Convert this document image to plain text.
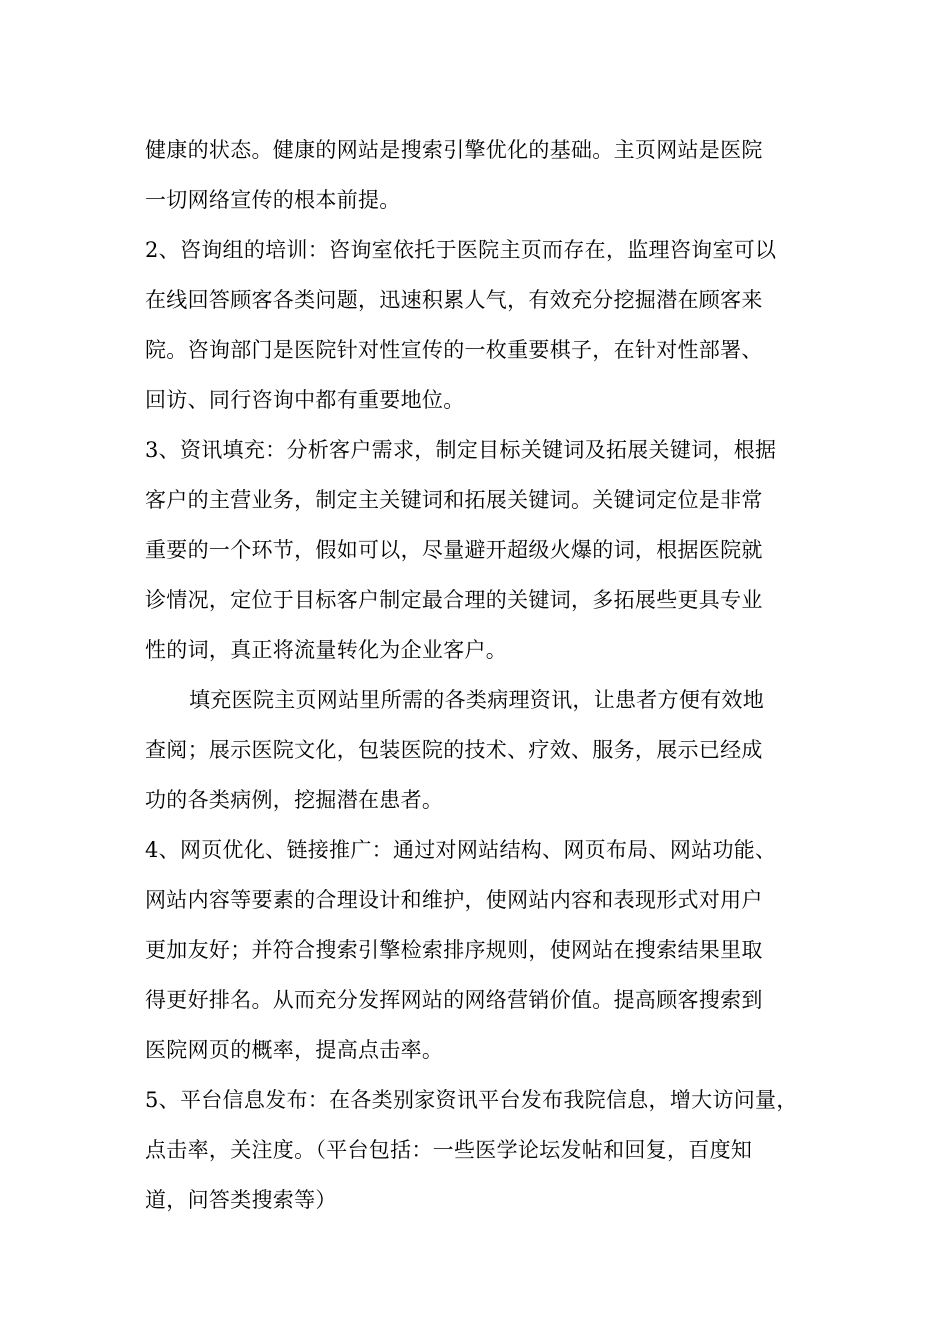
健康的状态。健康的网站是搜索引擎优化的基础。主页网站是医院
一切网络宣传的根本前提。
2、咨询组的培训：咨询室依托于医院主页而存在，监理咨询室可以
在线回答顾客各类问题，迅速积累人气，有效充分挖掘潜在顾客来
院。咨询部门是医院针对性宣传的一枚重要棋子，在针对性部署、
回访、同行咨询中都有重要地位。
3、资讯填充：分析客户需求，制定目标关键词及拓展关键词，根据
客户的主营业务，制定主关键词和拓展关键词。关键词定位是非常
重要的一个环节，假如可以，尽量避开超级火爆的词，根据医院就
诊情况，定位于目标客户制定最合理的关键词，多拓展些更具专业
性的词，真正将流量转化为企业客户。
填充医院主页网站里所需的各类病理资讯，让患者方便有效地
查阅；展示医院文化，包装医院的技术、疗效、服务，展示已经成
功的各类病例，挖掘潜在患者。
4、网页优化、链接推广：通过对网站结构、网页布局、网站功能、
网站内容等要素的合理设计和维护，使网站内容和表现形式对用户
更加友好；并符合搜索引擎检索排序规则，使网站在搜索结果里取
得更好排名。从而充分发挥网站的网络营销价值。提高顾客搜索到
医院网页的概率，提高点击率。
5、平台信息发布：在各类别家资讯平台发布我院信息，增大访问量，
点击率，关注度。（平台包括：一些医学论坛发帖和回复，百度知
道，问答类搜索等）
